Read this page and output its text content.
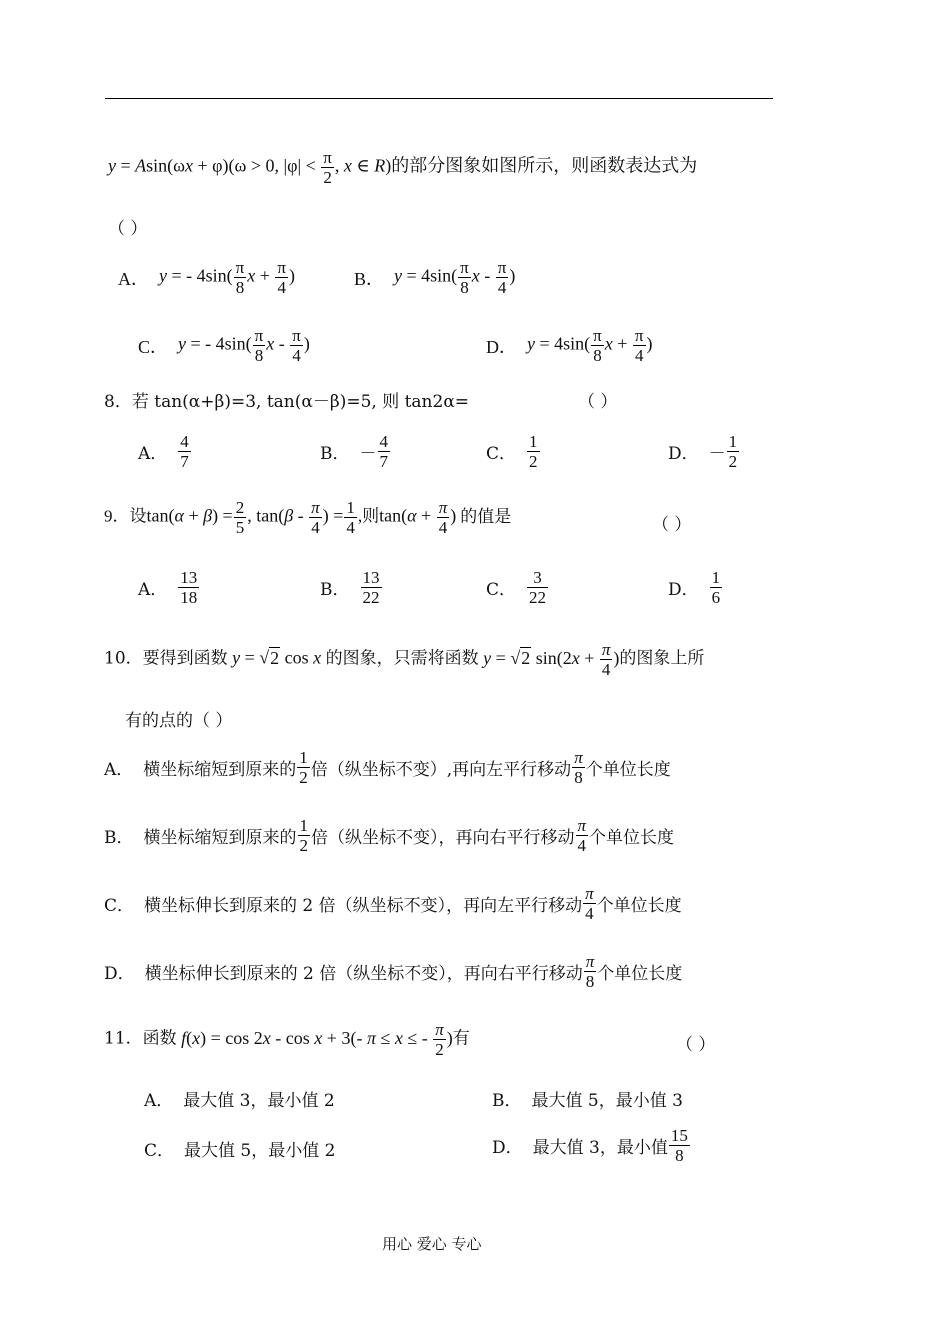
y = Asin(ωx + φ)(ω > 0, $|\varphi| < \frac{\pi}{2}$ , x ∈ R)的部分图象如图所示，则函数表达式为
（ ）
A． y = - $4\sin( \frac{\pi}{8}$ $x + \frac{\pi}{4}$ )	B． $y = 4\sin( \frac{\pi}{8}$ x - $\frac{\pi}{4}$ )
C． y = - $4\sin( \frac{\pi}{8}$ x - $\frac{\pi}{4}$ )	D． $y = 4\sin( \frac{\pi}{8}$ $x + \frac{\pi}{4}$ )
8．若 tan(α+β)=3, tan(α－β)=5, 则 tan2α=	（ ）
A．
4
7	B． －
4
7	C．
1
2	D． －
1
2
9．设$\tan(\alpha + \beta) = \frac{2}{5}$ , $\tan(\beta - \frac{\pi}{4}$ ) = $\frac{1}{4}$ ,则$\tan(\alpha + \frac{\pi}{4}$ ) 的值是	（ ）
A．
13
18	B．
13
22	C．
3
22	D．
1
6
10．要得到函数 y = √2 cos x 的图象，只需将函数 y = √2 $\sin(2x + \frac{\pi}{4}$ )的图象上所
有的点的（ ）
A． 横坐标缩短到原来的
1
2 倍（纵坐标不变）,再向左平行移动
π
8 个单位长度
B． 横坐标缩短到原来的
1
2 倍（纵坐标不变），再向右平行移动
π
4 个单位长度
C． 横坐标伸长到原来的 2 倍（纵坐标不变），再向左平行移动
π
4 个单位长度
D． 横坐标伸长到原来的 2 倍（纵坐标不变），再向右平行移动
π
8 个单位长度
11．函数 f(x) = cos 2x - cos x + 3(- π ≤ x ≤ - $\frac{\pi}{2}$ )有	（ ）
A． 最大值 3，最小值 2	B． 最大值 5，最小值 3
C． 最大值 5，最小值 2	D． 最大值 3，最小值
15
8
用心 爱心 专心
